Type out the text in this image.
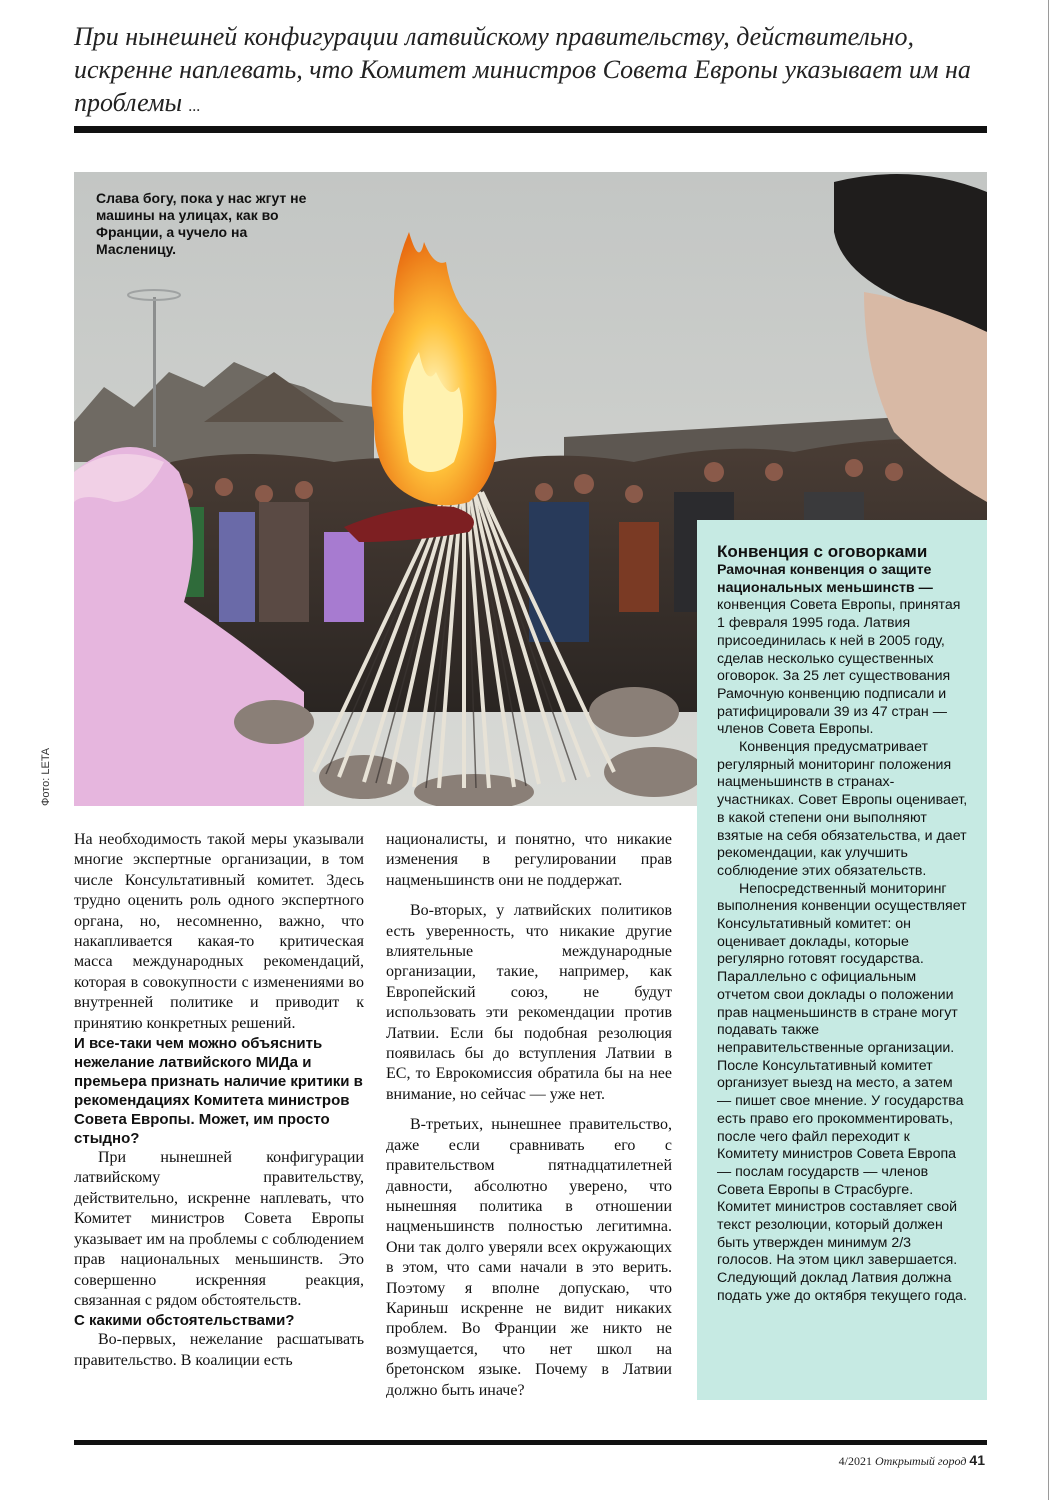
При нынешней конфигурации латвийскому правительству, действительно, искренне наплевать, что Комитет министров Совета Европы указывает им на проблемы ...
Слава богу, пока у нас жгут не машины на улицах, как во Франции, а чучело на Масленицу.
Фото: LETA

На необходимость такой меры указывали многие экспертные организации, в том числе Консультативный комитет. Здесь трудно оценить роль одного экспертного органа, но, несомненно, важно, что накапливается какая-то критическая масса международных рекомендаций, которая в совокупности с изменениями во внутренней политике и приводит к принятию конкретных решений.

И все-таки чем можно объяснить нежелание латвийского МИДа и премьера признать наличие критики в рекомендациях Комитета министров Совета Европы. Может, им просто стыдно?

При нынешней конфигурации латвийскому правительству, действительно, искренне наплевать, что Комитет министров Совета Европы указывает им на проблемы с соблюдением прав национальных меньшинств. Это совершенно искренняя реакция, связанная с рядом обстоятельств.

С какими обстоятельствами?

Во-первых, нежелание расшатывать правительство. В коалиции есть

националисты, и понятно, что никакие изменения в регулировании прав нацменьшинств они не поддержат.

Во-вторых, у латвийских политиков есть уверенность, что никакие другие влиятельные международные организации, такие, например, как Европейский союз, не будут использовать эти рекомендации против Латвии. Если бы подобная резолюция появилась бы до вступления Латвии в ЕС, то Еврокомиссия обратила бы на нее внимание, но сейчас — уже нет.

В-третьих, нынешнее правительство, даже если сравнивать его с правительством пятнадцатилетней давности, абсолютно уверено, что нынешняя политика в отношении нацменьшинств полностью легитимна. Они так долго уверяли всех окружающих в этом, что сами начали в это верить. Поэтому я вполне допускаю, что Кариньш искренне не видит никаких проблем. Во Франции же никто не возмущается, что нет школ на бретонском языке. Почему в Латвии должно быть иначе?

Конвенция с оговорками

Рамочная конвенция о защите национальных меньшинств — конвенция Совета Европы, принятая 1 февраля 1995 года. Латвия присоединилась к ней в 2005 году, сделав несколько существенных оговорок. За 25 лет существования Рамочную конвенцию подписали и ратифицировали 39 из 47 стран — членов Совета Европы.

Конвенция предусматривает регулярный мониторинг положения нацменьшинств в странах-участниках. Совет Европы оценивает, в какой степени они выполняют взятые на себя обязательства, и дает рекомендации, как улучшить соблюдение этих обязательств.

Непосредственный мониторинг выполнения конвенции осуществляет Консультативный комитет: он оценивает доклады, которые регулярно готовят государства. Параллельно с официальным отчетом свои доклады о положении прав нацменьшинств в стране могут подавать также неправительственные организации. После Консультативный комитет организует выезд на место, а затем — пишет свое мнение. У государства есть право его прокомментировать, после чего файл переходит к Комитету министров Совета Европа — послам государств — членов Совета Европы в Страсбурге. Комитет министров составляет свой текст резолюции, который должен быть утвержден минимум 2/3 голосов. На этом цикл завершается. Следующий доклад Латвия должна подать уже до октября текущего года.

4/2021 Открытый город 41
